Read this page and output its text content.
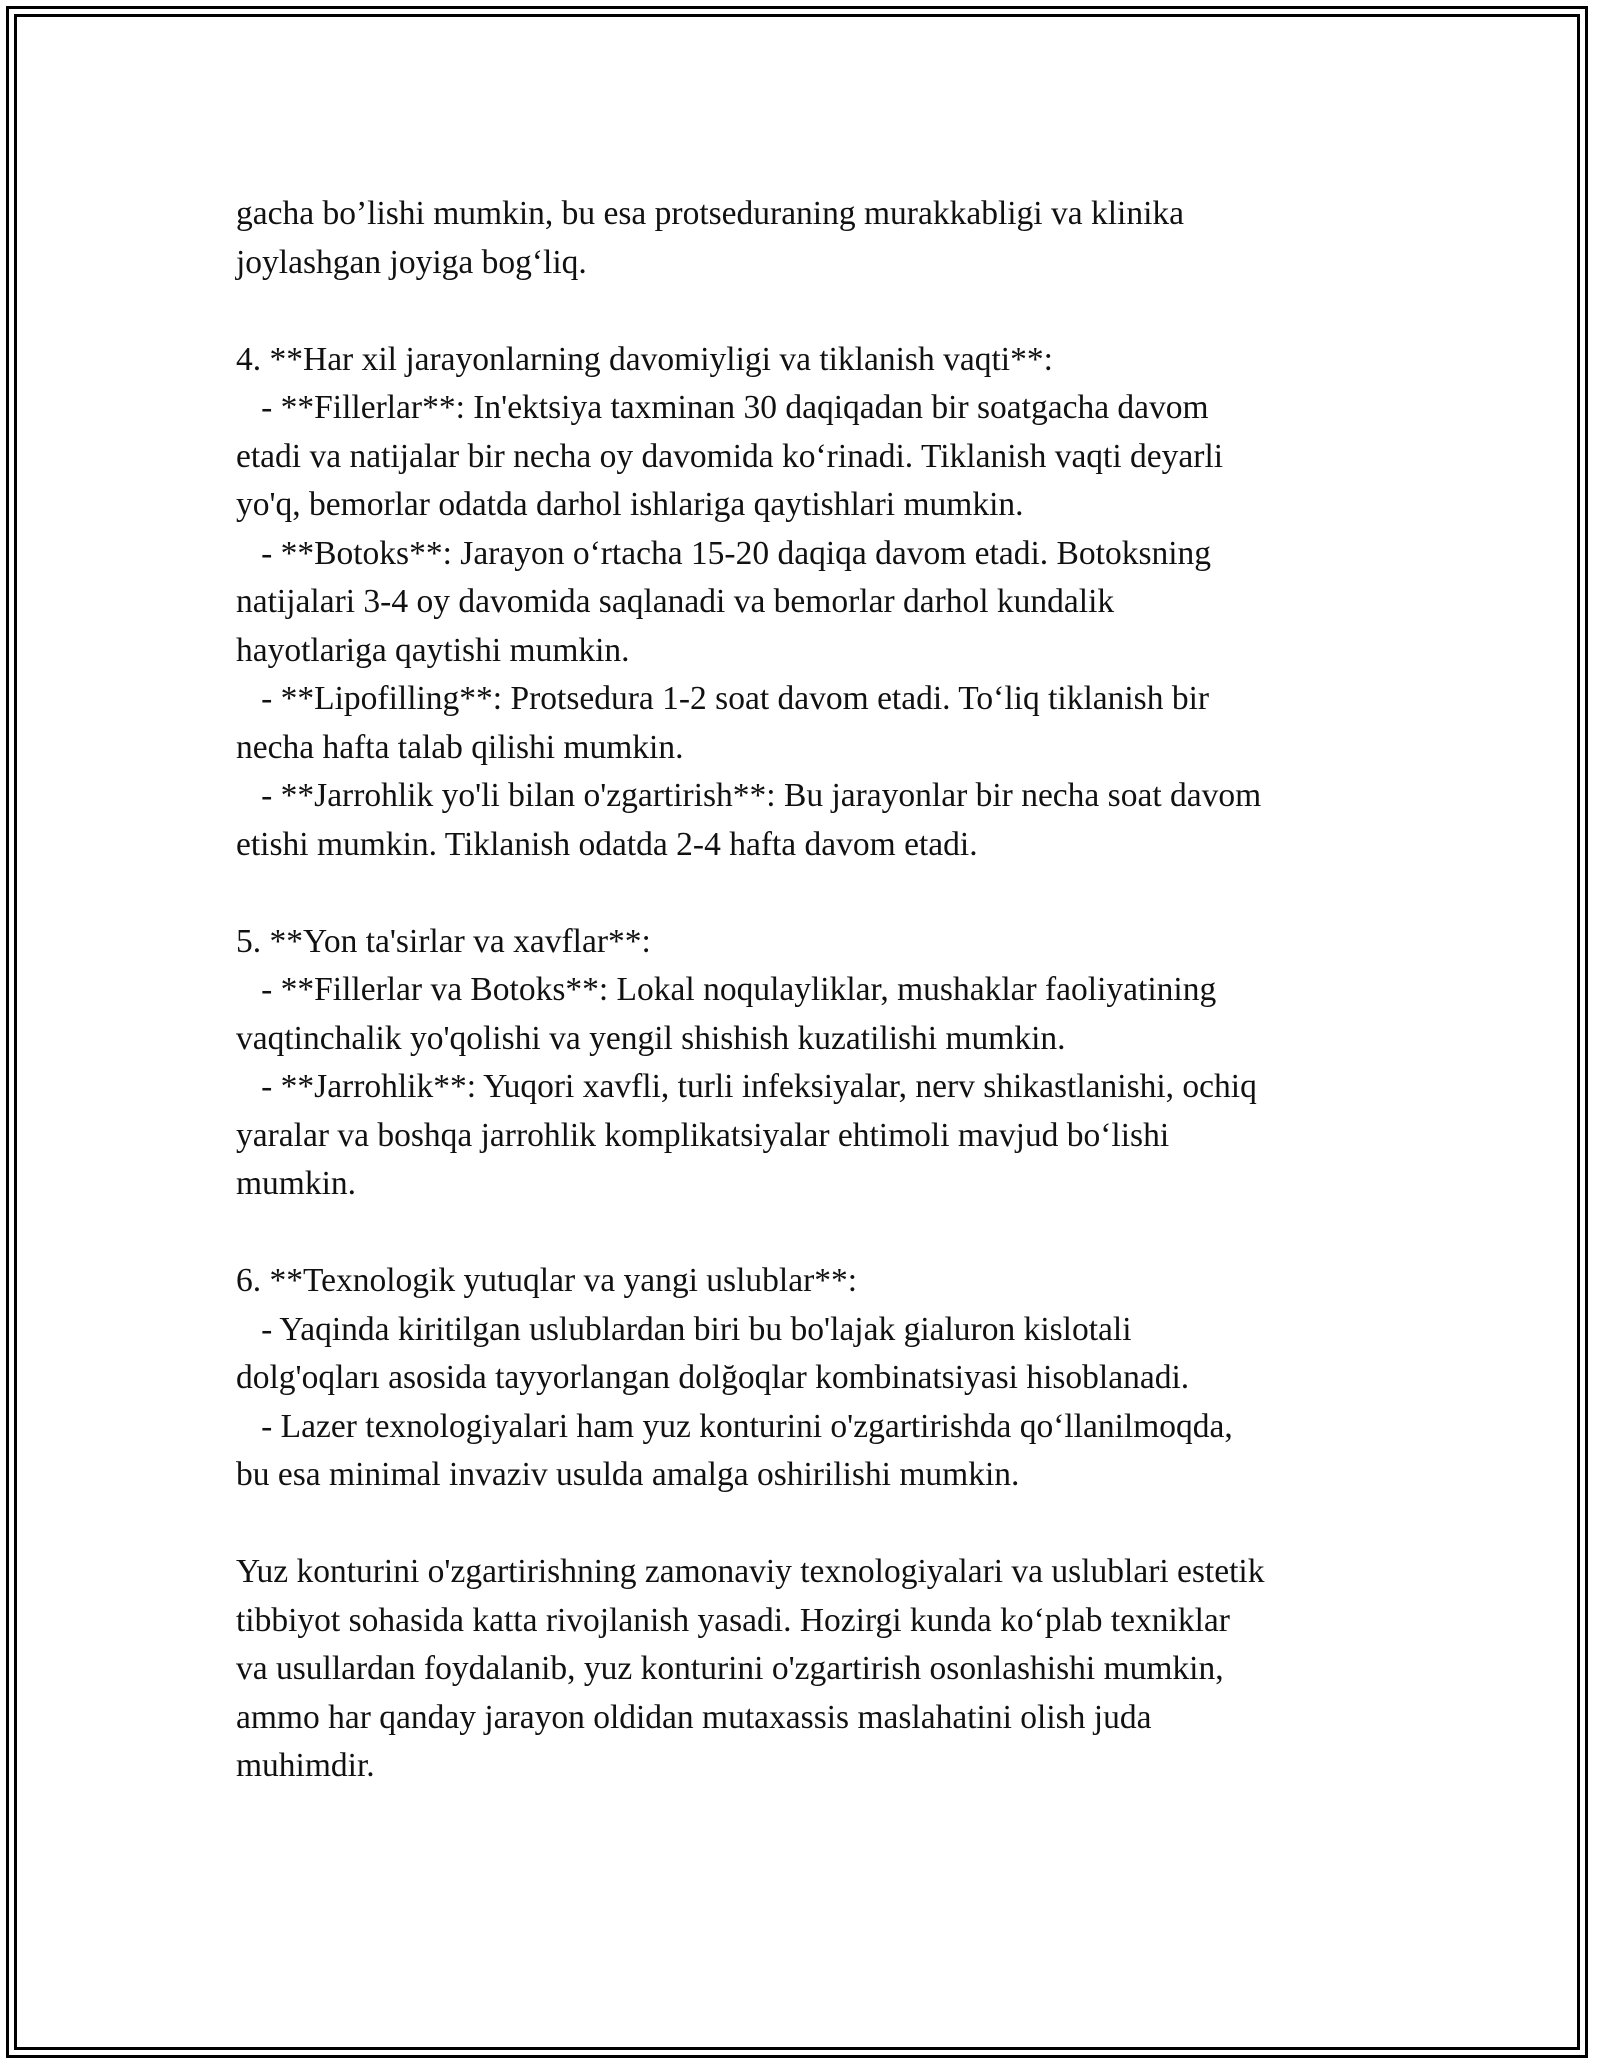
gacha bo’lishi mumkin, bu esa protseduraning murakkabligi va klinika
joylashgan joyiga bog‘liq.
4. **Har xil jarayonlarning davomiyligi va tiklanish vaqti**:
- **Fillerlar**: In'ektsiya taxminan 30 daqiqadan bir soatgacha davom
etadi va natijalar bir necha oy davomida ko‘rinadi. Tiklanish vaqti deyarli
yo'q, bemorlar odatda darhol ishlariga qaytishlari mumkin.
- **Botoks**: Jarayon o‘rtacha 15-20 daqiqa davom etadi. Botoksning
natijalari 3-4 oy davomida saqlanadi va bemorlar darhol kundalik
hayotlariga qaytishi mumkin.
- **Lipofilling**: Protsedura 1-2 soat davom etadi. To‘liq tiklanish bir
necha hafta talab qilishi mumkin.
- **Jarrohlik yo'li bilan o'zgartirish**: Bu jarayonlar bir necha soat davom
etishi mumkin. Tiklanish odatda 2-4 hafta davom etadi.
5. **Yon ta'sirlar va xavflar**:
- **Fillerlar va Botoks**: Lokal noqulayliklar, mushaklar faoliyatining
vaqtinchalik yo'qolishi va yengil shishish kuzatilishi mumkin.
- **Jarrohlik**: Yuqori xavfli, turli infeksiyalar, nerv shikastlanishi, ochiq
yaralar va boshqa jarrohlik komplikatsiyalar ehtimoli mavjud bo‘lishi
mumkin.
6. **Texnologik yutuqlar va yangi uslublar**:
- Yaqinda kiritilgan uslublardan biri bu bo'lajak gialuron kislotali
dolg'oqları asosida tayyorlangan dolğoqlar kombinatsiyasi hisoblanadi.
- Lazer texnologiyalari ham yuz konturini o'zgartirishda qo‘llanilmoqda,
bu esa minimal invaziv usulda amalga oshirilishi mumkin.
Yuz konturini o'zgartirishning zamonaviy texnologiyalari va uslublari estetik
tibbiyot sohasida katta rivojlanish yasadi. Hozirgi kunda ko‘plab texniklar
va usullardan foydalanib, yuz konturini o'zgartirish osonlashishi mumkin,
ammo har qanday jarayon oldidan mutaxassis maslahatini olish juda
muhimdir.
